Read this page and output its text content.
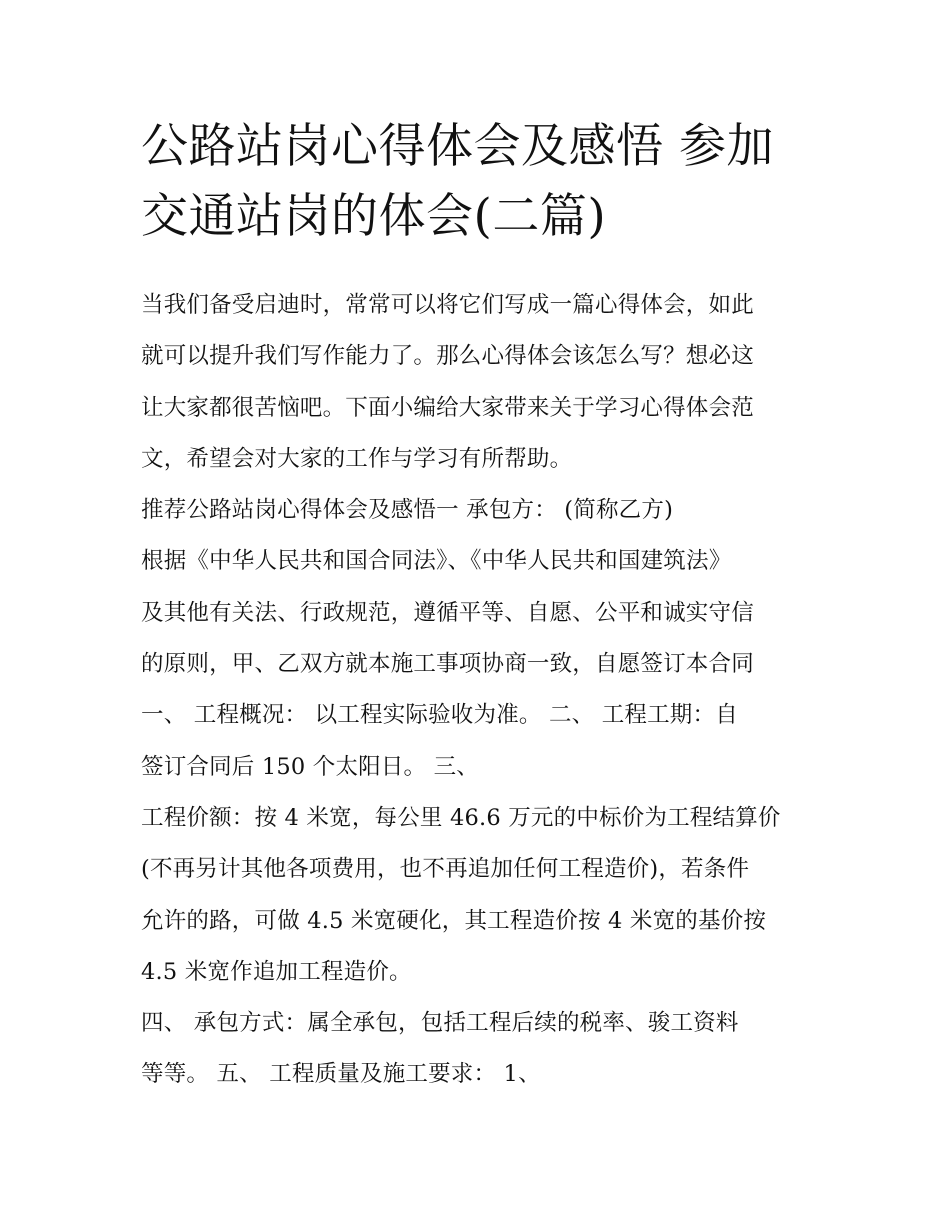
公路站岗心得体会及感悟 参加
交通站岗的体会(二篇)
当我们备受启迪时，常常可以将它们写成一篇心得体会，如此
就可以提升我们写作能力了。那么心得体会该怎么写？想必这
让大家都很苦恼吧。下面小编给大家带来关于学习心得体会范
文，希望会对大家的工作与学习有所帮助。
推荐公路站岗心得体会及感悟一 承包方： (简称乙方)
根据《中华人民共和国合同法》、《中华人民共和国建筑法》
及其他有关法、行政规范，遵循平等、自愿、公平和诚实守信
的原则，甲、乙双方就本施工事项协商一致，自愿签订本合同
一、 工程概况： 以工程实际验收为准。 二、 工程工期：自
签订合同后 150 个太阳日。 三、
工程价额：按 4 米宽，每公里 46.6 万元的中标价为工程结算价
(不再另计其他各项费用，也不再追加任何工程造价)，若条件
允许的路，可做 4.5 米宽硬化，其工程造价按 4 米宽的基价按
4.5 米宽作追加工程造价。
四、 承包方式：属全承包，包括工程后续的税率、骏工资料
等等。 五、 工程质量及施工要求： 1、
